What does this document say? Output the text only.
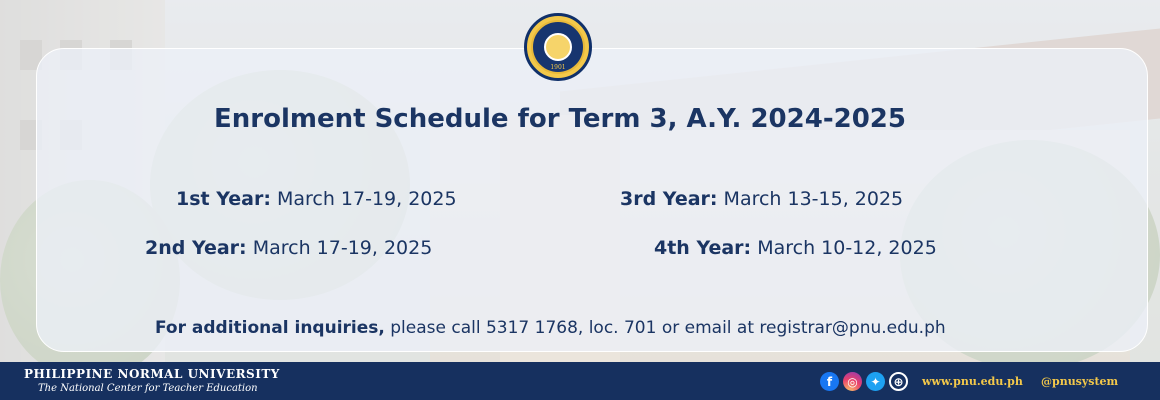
1901
Enrolment Schedule for Term 3, A.Y. 2024-2025
1st Year: March 17-19, 2025	3rd Year: March 13-15, 2025
2nd Year: March 17-19, 2025	4th Year: March 10-12, 2025
For additional inquiries, please call 5317 1768, loc. 701 or email at registrar@pnu.edu.ph
PHILIPPINE NORMAL UNIVERSITY
The National Center for Teacher Education	f	◎	✦	⊕	www.pnu.edu.ph @pnusystem
